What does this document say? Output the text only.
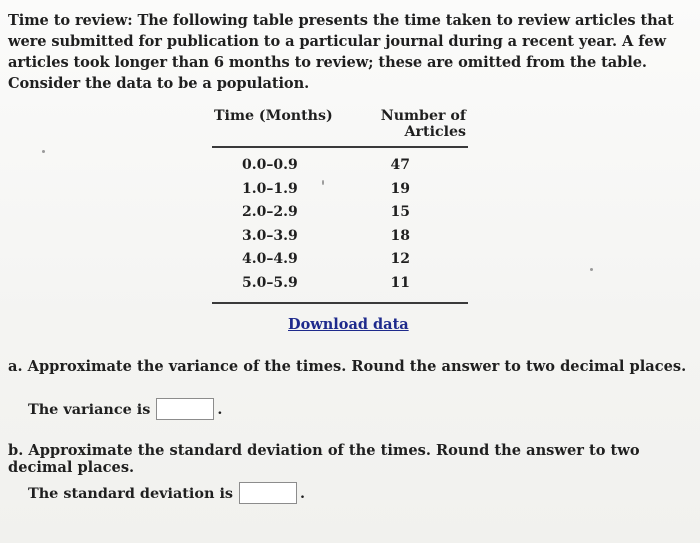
Time to review: The following table presents the time taken to review articles that were submitted for publication to a particular journal during a recent year. A few articles took longer than 6 months to review; these are omitted from the table. Consider the data to be a population.
Time (Months)	Number of Articles
0.0–0.9	47
1.0–1.9	19
2.0–2.9	15
3.0–3.9	18
4.0–4.9	12
5.0–5.9	11
Download data
a. Approximate the variance of the times. Round the answer to two decimal places.
The variance is	.
b. Approximate the standard deviation of the times. Round the answer to two decimal places.
The standard deviation is	.
